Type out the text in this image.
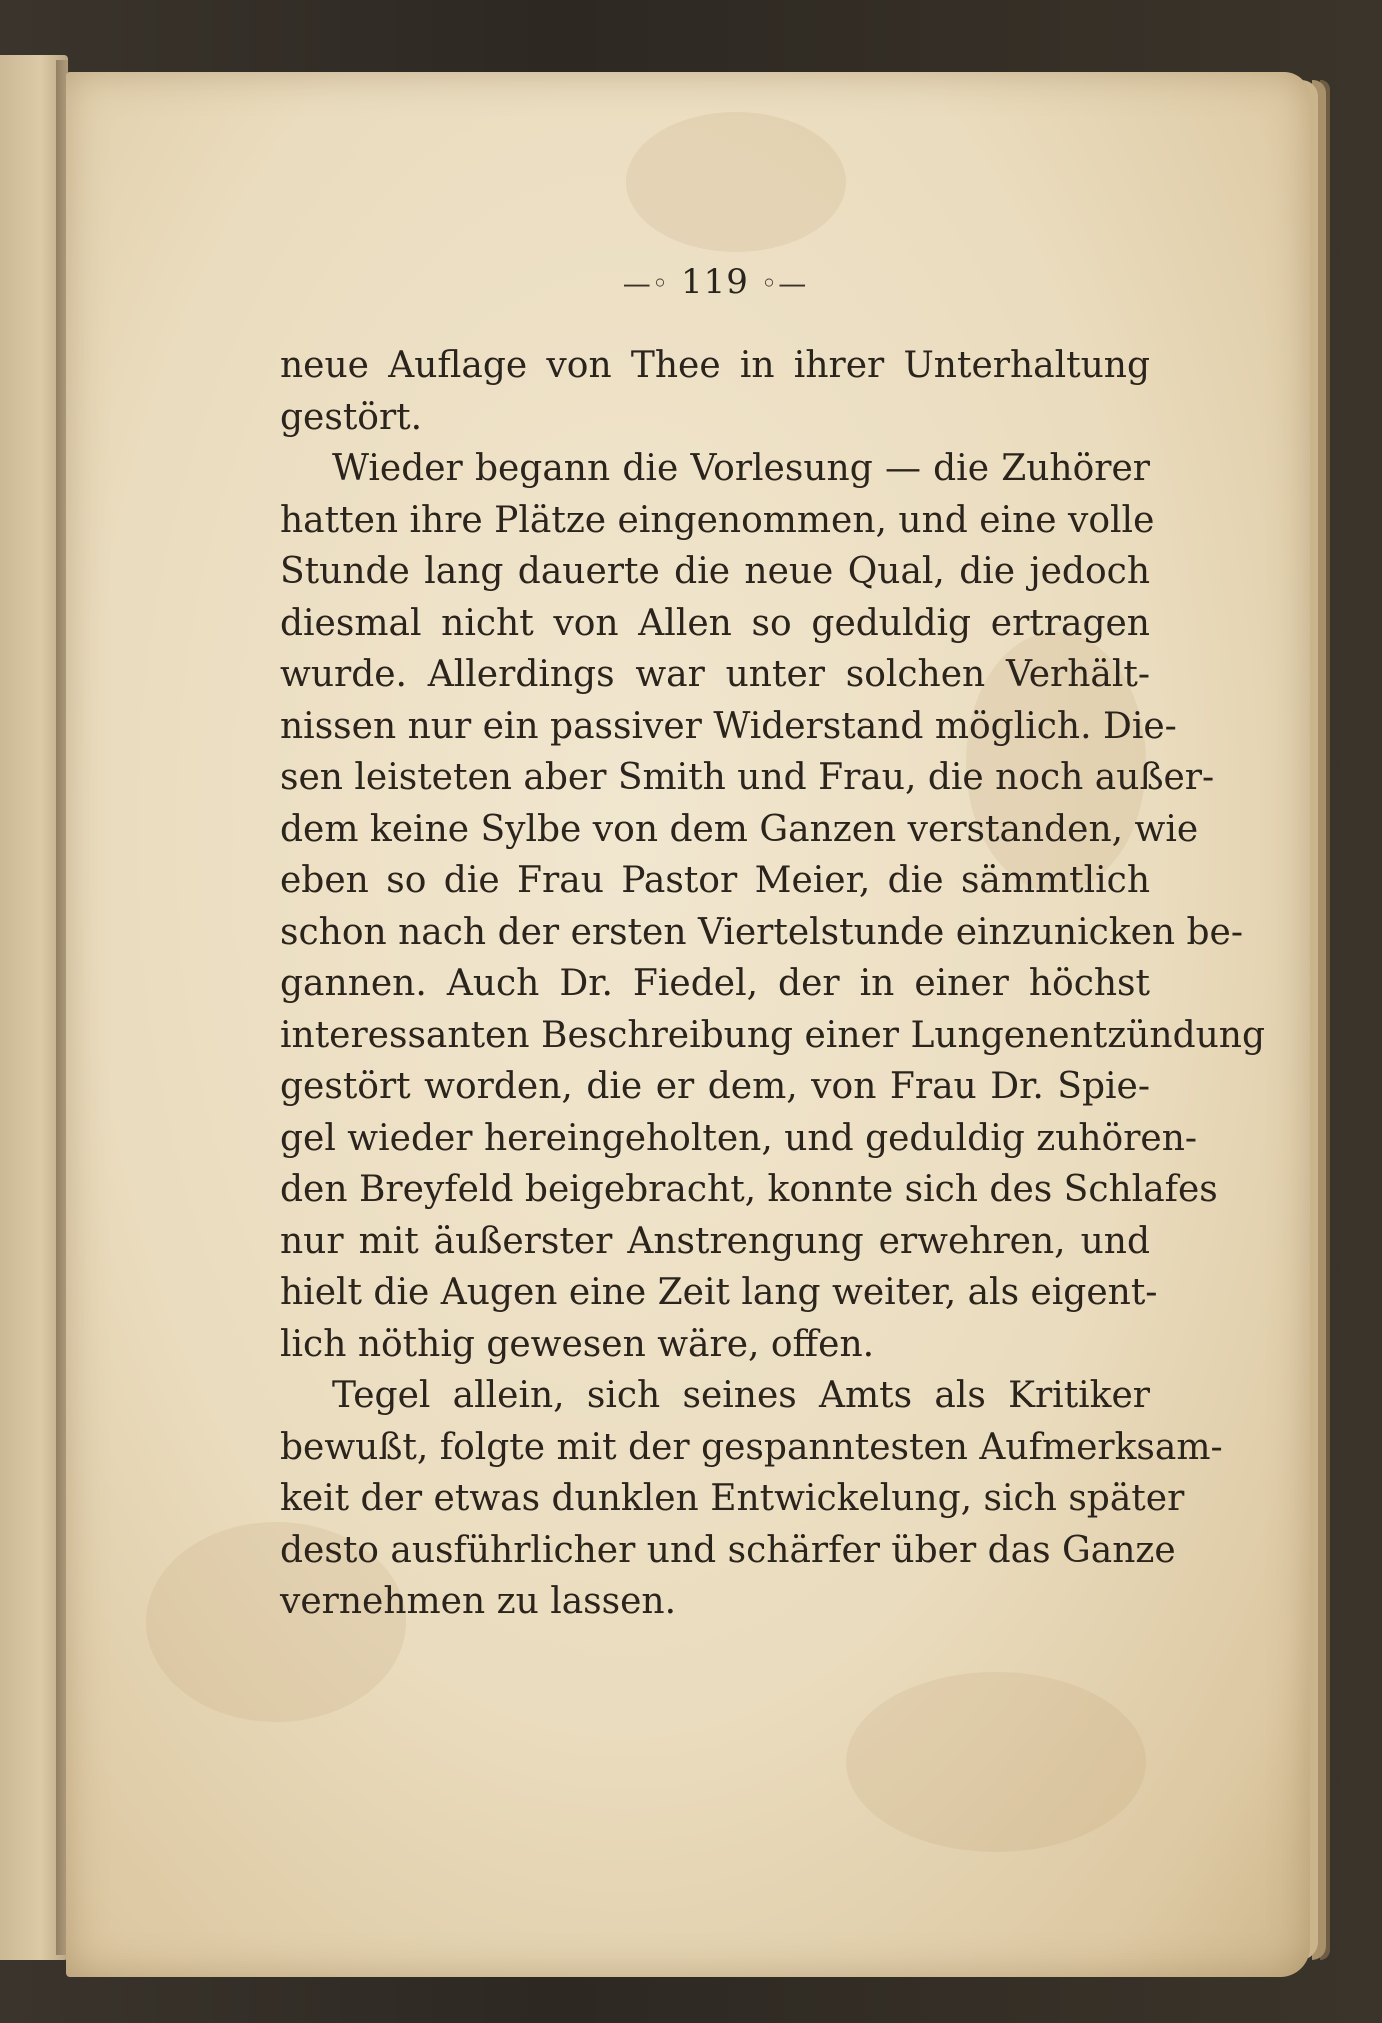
—◦ 119 ◦—
neue Auflage von Thee in ihrer Unterhaltung
gestört.
Wieder begann die Vorlesung — die Zuhörer
hatten ihre Plätze eingenommen, und eine volle
Stunde lang dauerte die neue Qual, die jedoch
diesmal nicht von Allen so geduldig ertragen
wurde. Allerdings war unter solchen Verhält-
nissen nur ein passiver Widerstand möglich. Die-
sen leisteten aber Smith und Frau, die noch außer-
dem keine Sylbe von dem Ganzen verstanden, wie
eben so die Frau Pastor Meier, die sämmtlich
schon nach der ersten Viertelstunde einzunicken be-
gannen. Auch Dr. Fiedel, der in einer höchst
interessanten Beschreibung einer Lungenentzündung
gestört worden, die er dem, von Frau Dr. Spie-
gel wieder hereingeholten, und geduldig zuhören-
den Breyfeld beigebracht, konnte sich des Schlafes
nur mit äußerster Anstrengung erwehren, und
hielt die Augen eine Zeit lang weiter, als eigent-
lich nöthig gewesen wäre, offen.
Tegel allein, sich seines Amts als Kritiker
bewußt, folgte mit der gespanntesten Aufmerksam-
keit der etwas dunklen Entwickelung, sich später
desto ausführlicher und schärfer über das Ganze
vernehmen zu lassen.
